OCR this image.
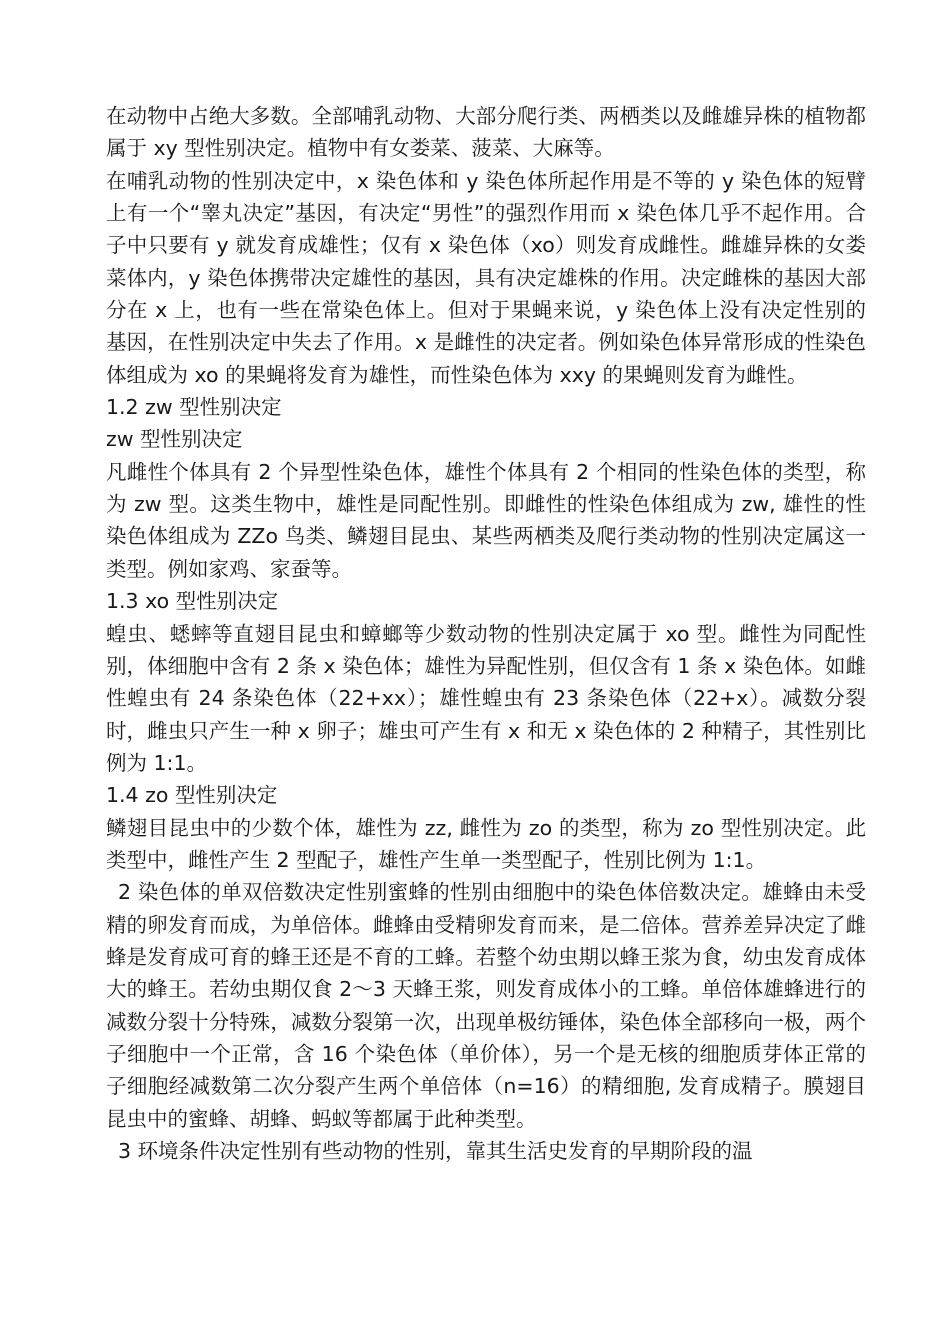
在动物中占绝大多数。全部哺乳动物、大部分爬行类、两栖类以及雌雄异株的植物都属于 xy 型性别决定。植物中有女娄菜、菠菜、大麻等。

在哺乳动物的性别决定中，x 染色体和 y 染色体所起作用是不等的 y 染色体的短臂上有一个“睾丸决定”基因，有决定“男性”的强烈作用而 x 染色体几乎不起作用。合子中只要有 y 就发育成雄性；仅有 x 染色体（xo）则发育成雌性。雌雄异株的女娄菜体内，y 染色体携带决定雄性的基因，具有决定雄株的作用。决定雌株的基因大部分在 x 上，也有一些在常染色体上。但对于果蝇来说，y 染色体上没有决定性别的基因，在性别决定中失去了作用。x 是雌性的决定者。例如染色体异常形成的性染色体组成为 xo 的果蝇将发育为雄性，而性染色体为 xxy 的果蝇则发育为雌性。

1.2 zw 型性别决定

zw 型性别决定

凡雌性个体具有 2 个异型性染色体，雄性个体具有 2 个相同的性染色体的类型，称为 zw 型。这类生物中，雄性是同配性别。即雌性的性染色体组成为 zw, 雄性的性染色体组成为 ZZo 鸟类、鳞翅目昆虫、某些两栖类及爬行类动物的性别决定属这一类型。例如家鸡、家蚕等。

1.3 xo 型性别决定

蝗虫、蟋蟀等直翅目昆虫和蟑螂等少数动物的性别决定属于 xo 型。雌性为同配性别，体细胞中含有 2 条 x 染色体；雄性为异配性别，但仅含有 1 条 x 染色体。如雌性蝗虫有 24 条染色体（22+xx）；雄性蝗虫有 23 条染色体（22+x）。减数分裂时，雌虫只产生一种 x 卵子；雄虫可产生有 x 和无 x 染色体的 2 种精子，其性别比例为 1:1。

1.4 zo 型性别决定

鳞翅目昆虫中的少数个体，雄性为 zz, 雌性为 zo 的类型，称为 zo 型性别决定。此类型中，雌性产生 2 型配子，雄性产生单一类型配子，性别比例为 1:1。

2 染色体的单双倍数决定性别蜜蜂的性别由细胞中的染色体倍数决定。雄蜂由未受精的卵发育而成，为单倍体。雌蜂由受精卵发育而来，是二倍体。营养差异决定了雌蜂是发育成可育的蜂王还是不育的工蜂。若整个幼虫期以蜂王浆为食，幼虫发育成体大的蜂王。若幼虫期仅食 2～3 天蜂王浆，则发育成体小的工蜂。单倍体雄蜂进行的减数分裂十分特殊，减数分裂第一次，出现单极纺锤体，染色体全部移向一极，两个子细胞中一个正常，含 16 个染色体（单价体），另一个是无核的细胞质芽体正常的子细胞经减数第二次分裂产生两个单倍体（n=16）的精细胞, 发育成精子。膜翅目昆虫中的蜜蜂、胡蜂、蚂蚁等都属于此种类型。

3 环境条件决定性别有些动物的性别，靠其生活史发育的早期阶段的温
